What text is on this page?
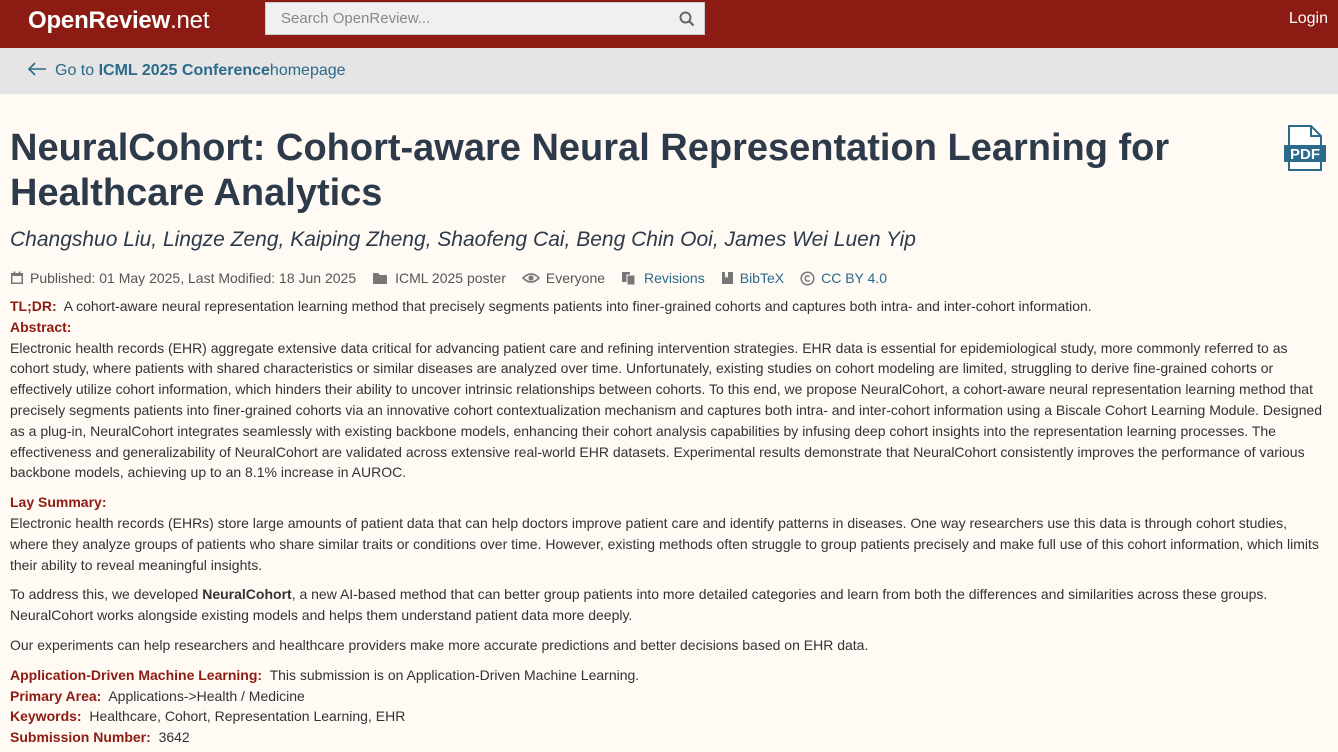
OpenReview.net
Search OpenReview...	Login
Go to
ICML 2025 Conference homepage
NeuralCohort: Cohort-aware Neural Representation Learning for Healthcare Analytics
PDF
Changshuo Liu, Lingze Zeng, Kaiping Zheng, Shaofeng Cai, Beng Chin Ooi, James Wei Luen Yip
Published: 01 May 2025, Last Modified: 18 Jun 2025	ICML 2025 poster	Everyone	Revisions	BibTeX	CC BY 4.0
TL;DR: A cohort-aware neural representation learning method that precisely segments patients into finer-grained cohorts and captures both intra- and inter-cohort information.
Abstract:
Electronic health records (EHR) aggregate extensive data critical for advancing patient care and refining intervention strategies. EHR data is essential for epidemiological study, more commonly referred to as cohort study, where patients with shared characteristics or similar diseases are analyzed over time. Unfortunately, existing studies on cohort modeling are limited, struggling to derive fine-grained cohorts or effectively utilize cohort information, which hinders their ability to uncover intrinsic relationships between cohorts. To this end, we propose NeuralCohort, a cohort-aware neural representation learning method that precisely segments patients into finer-grained cohorts via an innovative cohort contextualization mechanism and captures both intra- and inter-cohort information using a Biscale Cohort Learning Module. Designed as a plug-in, NeuralCohort integrates seamlessly with existing backbone models, enhancing their cohort analysis capabilities by infusing deep cohort insights into the representation learning processes. The effectiveness and generalizability of NeuralCohort are validated across extensive real-world EHR datasets. Experimental results demonstrate that NeuralCohort consistently improves the performance of various backbone models, achieving up to an 8.1% increase in AUROC.
Lay Summary:
Electronic health records (EHRs) store large amounts of patient data that can help doctors improve patient care and identify patterns in diseases. One way researchers use this data is through cohort studies, where they analyze groups of patients who share similar traits or conditions over time. However, existing methods often struggle to group patients precisely and make full use of this cohort information, which limits their ability to reveal meaningful insights.
To address this, we developed NeuralCohort, a new AI-based method that can better group patients into more detailed categories and learn from both the differences and similarities across these groups. NeuralCohort works alongside existing models and helps them understand patient data more deeply.
Our experiments can help researchers and healthcare providers make more accurate predictions and better decisions based on EHR data.
Application-Driven Machine Learning: This submission is on Application-Driven Machine Learning.
Primary Area: Applications->Health / Medicine
Keywords: Healthcare, Cohort, Representation Learning, EHR
Submission Number: 3642
